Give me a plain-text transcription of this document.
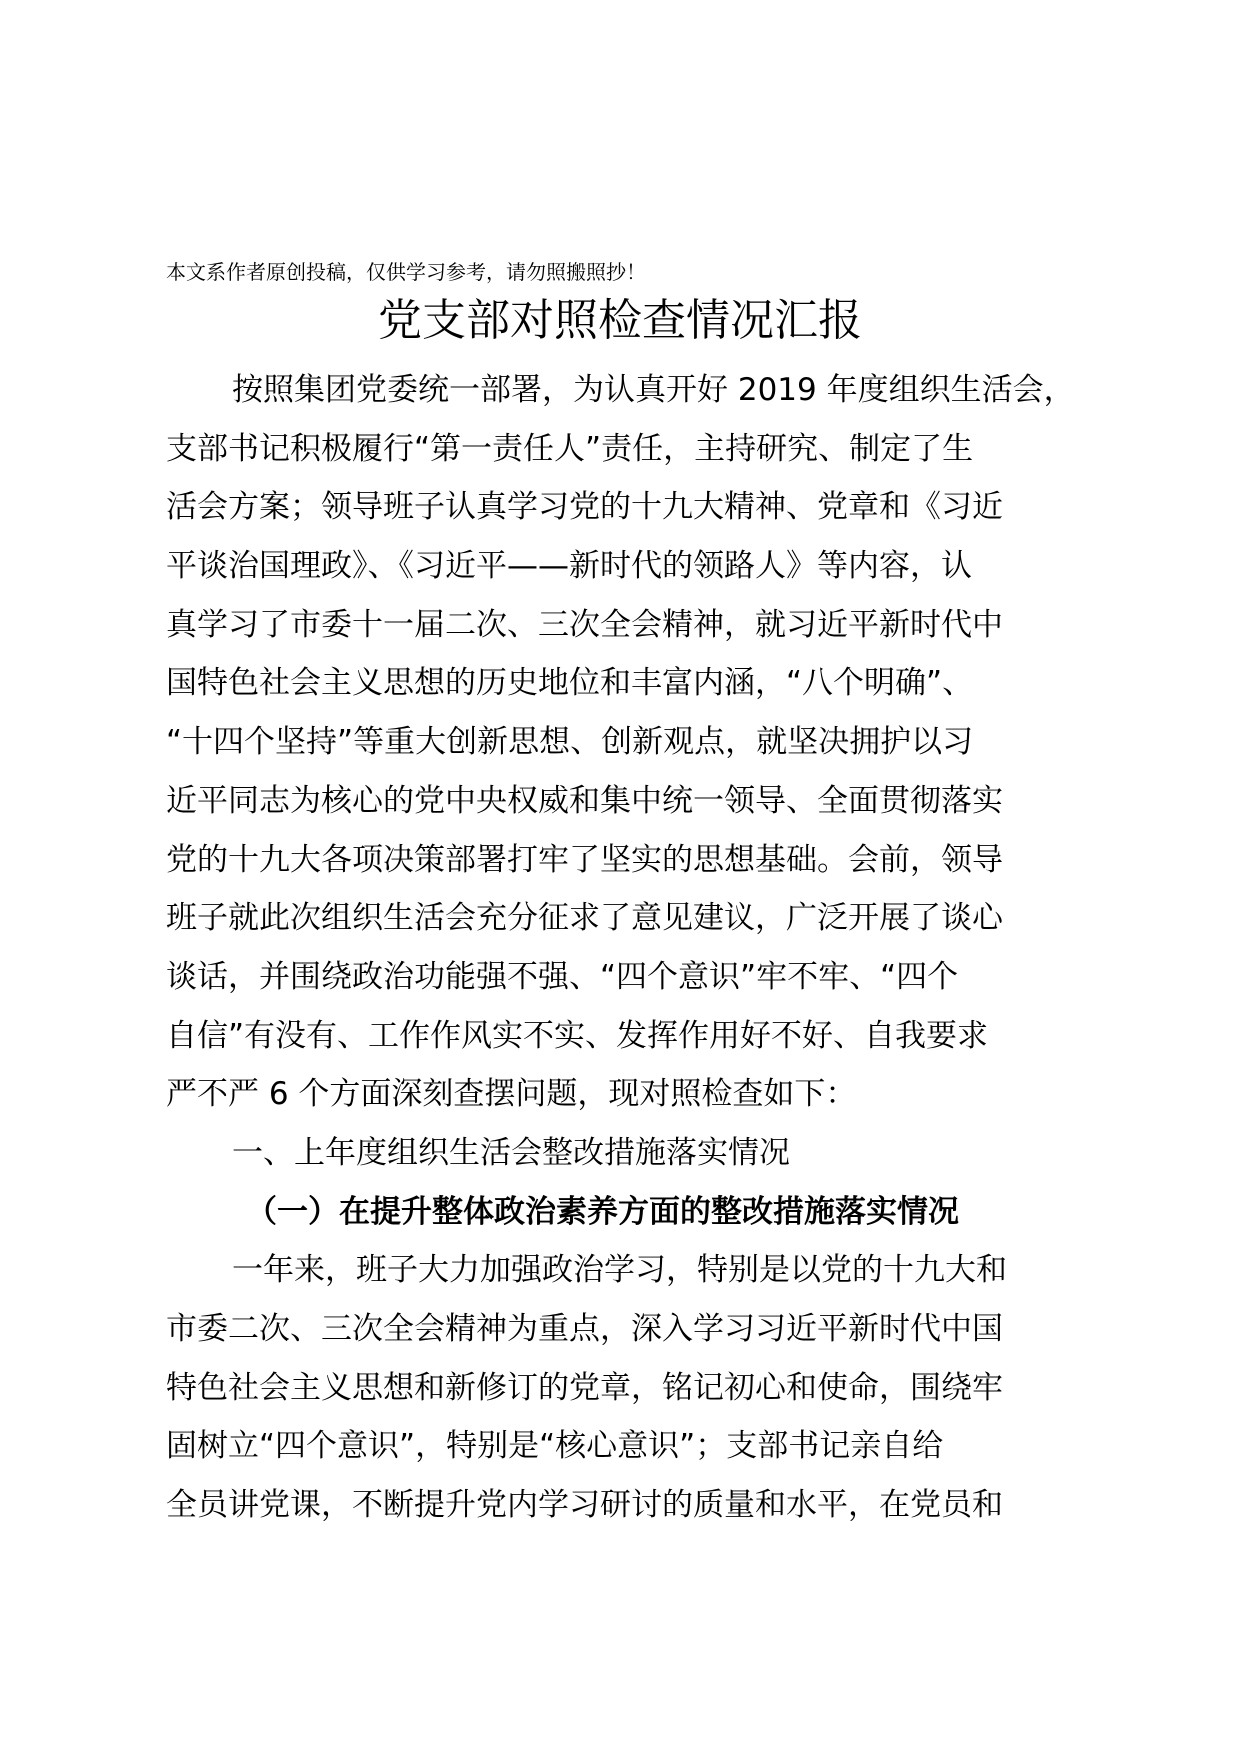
本文系作者原创投稿，仅供学习参考，请勿照搬照抄！
党支部对照检查情况汇报
按照集团党委统一部署，为认真开好 2019 年度组织生活会，
支部书记积极履行“第一责任人”责任，主持研究、制定了生
活会方案；领导班子认真学习党的十九大精神、党章和《习近
平谈治国理政》、《习近平——新时代的领路人》等内容，认
真学习了市委十一届二次、三次全会精神，就习近平新时代中
国特色社会主义思想的历史地位和丰富内涵，“八个明确”、
“十四个坚持”等重大创新思想、创新观点，就坚决拥护以习
近平同志为核心的党中央权威和集中统一领导、全面贯彻落实
党的十九大各项决策部署打牢了坚实的思想基础。会前，领导
班子就此次组织生活会充分征求了意见建议，广泛开展了谈心
谈话，并围绕政治功能强不强、“四个意识”牢不牢、“四个
自信”有没有、工作作风实不实、发挥作用好不好、自我要求
严不严 6 个方面深刻查摆问题，现对照检查如下：
一、上年度组织生活会整改措施落实情况
（一）在提升整体政治素养方面的整改措施落实情况
一年来，班子大力加强政治学习，特别是以党的十九大和
市委二次、三次全会精神为重点，深入学习习近平新时代中国
特色社会主义思想和新修订的党章，铭记初心和使命，围绕牢
固树立“四个意识”，特别是“核心意识”；支部书记亲自给
全员讲党课，不断提升党内学习研讨的质量和水平，在党员和
